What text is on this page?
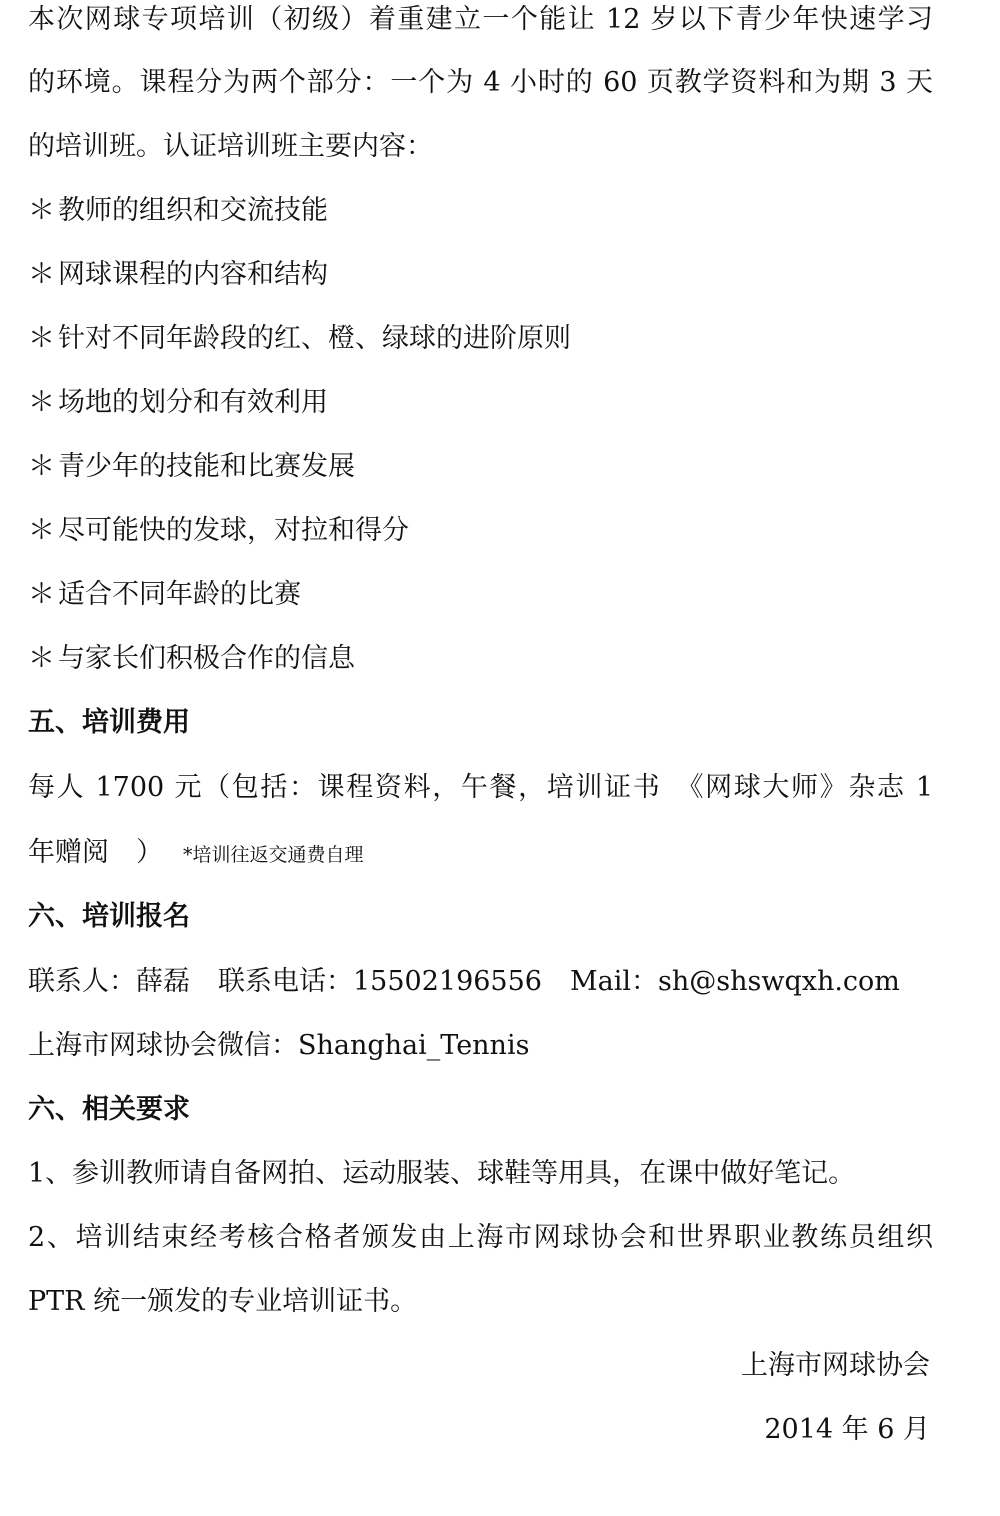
本次网球专项培训（初级）着重建立一个能让 12 岁以下青少年快速学习
的环境。课程分为两个部分：一个为 4 小时的 60 页教学资料和为期 3 天
的培训班。认证培训班主要内容：
＊ 教师的组织和交流技能
＊ 网球课程的内容和结构
＊ 针对不同年龄段的红、橙、绿球的进阶原则
＊ 场地的划分和有效利用
＊ 青少年的技能和比赛发展
＊ 尽可能快的发球，对拉和得分
＊ 适合不同年龄的比赛
＊ 与家长们积极合作的信息
五、培训费用
每人 1700 元（包括：课程资料，午餐，培训证书　《网球大师》杂志 1
年赠阅　） *培训往返交通费自理
六、培训报名
联系人：薛磊 联系电话：15502196556 Mail：sh@shswqxh.com
上海市网球协会微信：Shanghai_Tennis
六、相关要求
1、参训教师请自备网拍、运动服装、球鞋等用具，在课中做好笔记。
2、培训结束经考核合格者颁发由上海市网球协会和世界职业教练员组织
PTR 统一颁发的专业培训证书。
上海市网球协会
2014 年 6 月
